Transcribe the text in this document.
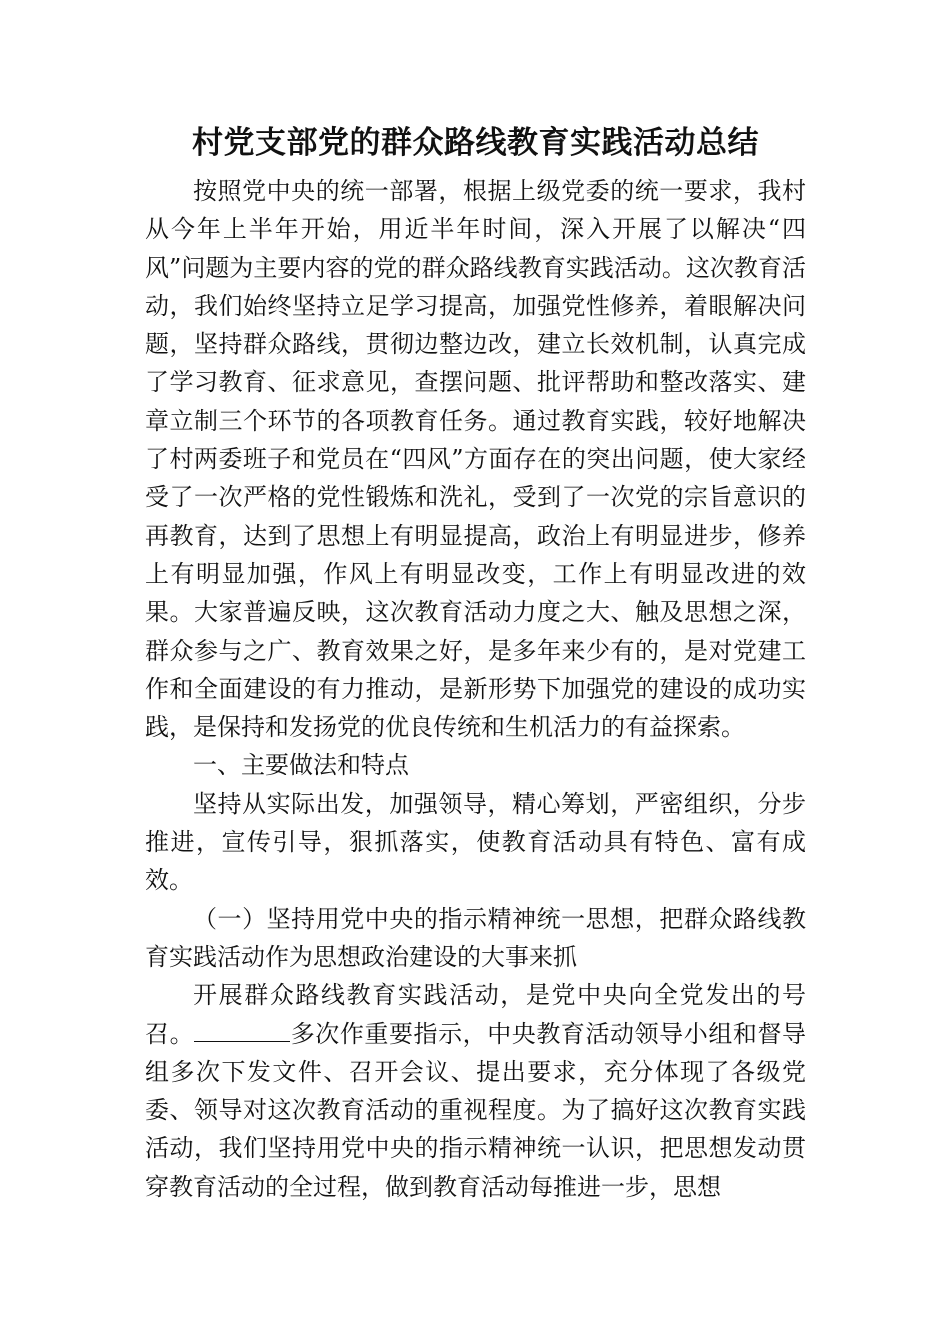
村党支部党的群众路线教育实践活动总结

按照党中央的统一部署，根据上级党委的统一要求，我村从今年上半年开始，用近半年时间，深入开展了以解决“四风”问题为主要内容的党的群众路线教育实践活动。这次教育活动，我们始终坚持立足学习提高，加强党性修养，着眼解决问题，坚持群众路线，贯彻边整边改，建立长效机制，认真完成了学习教育、征求意见，查摆问题、批评帮助和整改落实、建章立制三个环节的各项教育任务。通过教育实践，较好地解决了村两委班子和党员在“四风”方面存在的突出问题，使大家经受了一次严格的党性锻炼和洗礼，受到了一次党的宗旨意识的再教育，达到了思想上有明显提高，政治上有明显进步，修养上有明显加强，作风上有明显改变，工作上有明显改进的效果。大家普遍反映，这次教育活动力度之大、触及思想之深，群众参与之广、教育效果之好，是多年来少有的，是对党建工作和全面建设的有力推动，是新形势下加强党的建设的成功实践，是保持和发扬党的优良传统和生机活力的有益探索。

一、主要做法和特点

坚持从实际出发，加强领导，精心筹划，严密组织，分步推进，宣传引导，狠抓落实，使教育活动具有特色、富有成效。

（一）坚持用党中央的指示精神统一思想，把群众路线教育实践活动作为思想政治建设的大事来抓

开展群众路线教育实践活动，是党中央向全党发出的号召。	多次作重要指示，中央教育活动领导小组和督导组多次下发文件、召开会议、提出要求，充分体现了各级党委、领导对这次教育活动的重视程度。为了搞好这次教育实践活动，我们坚持用党中央的指示精神统一认识，把思想发动贯穿教育活动的全过程，做到教育活动每推进一步，思想
